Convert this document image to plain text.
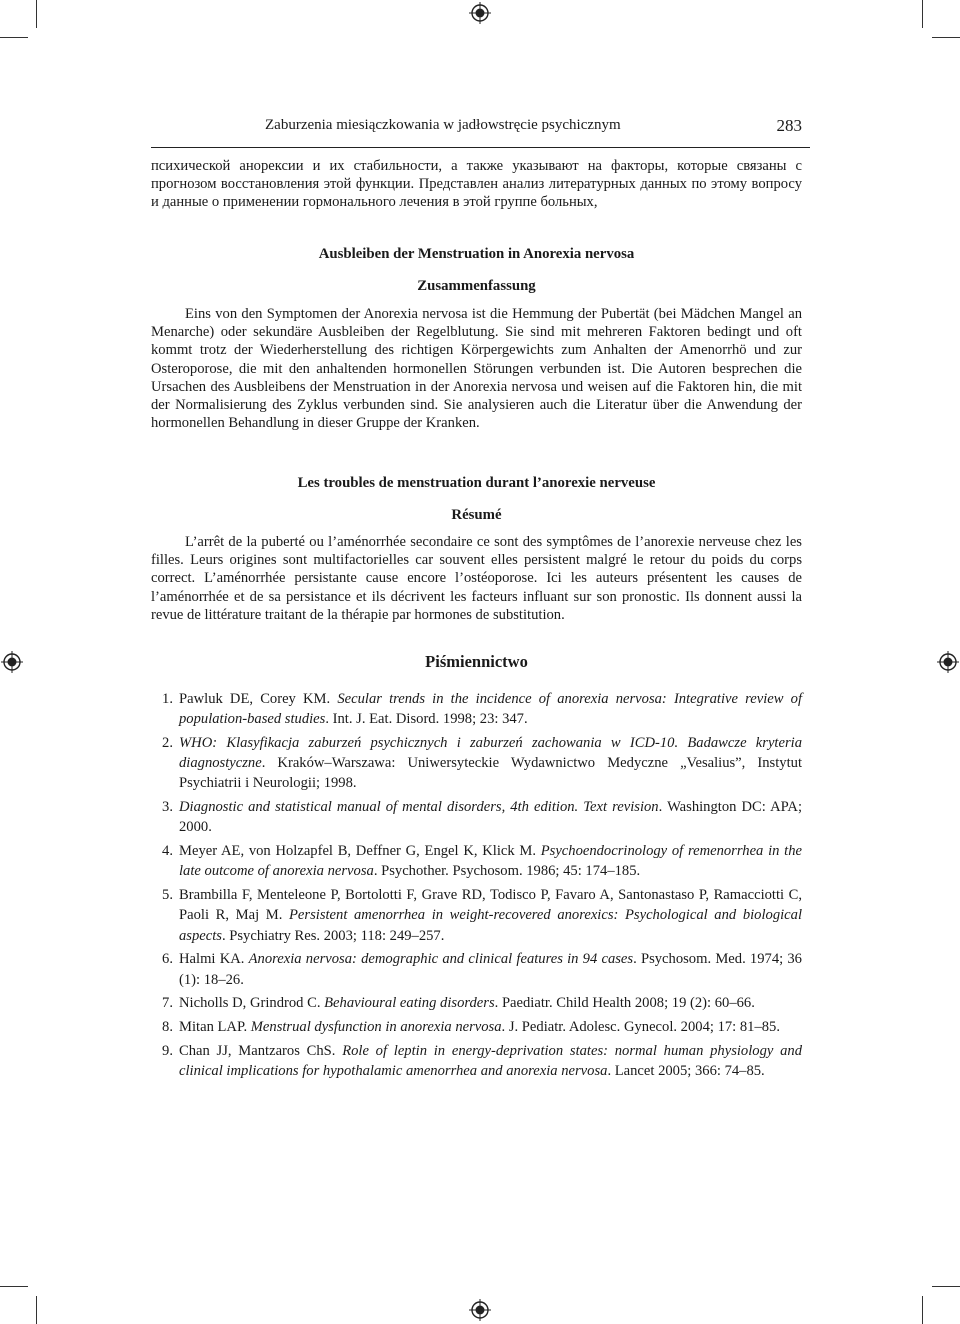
Zaburzenia miesiączkowania w jadłowstręcie psychicznym	283

психической анорексии и их стабильности, а также указывают на факторы, которые связаны с прогнозом восстановления этой функции. Представлен анализ литературных данных по этому вопросу и данные о применении гормонального лечения в этой группе больных,

Ausbleiben der Menstruation in Anorexia nervosa
Zusammenfassung

Eins von den Symptomen der Anorexia nervosa ist die Hemmung der Pubertät (bei Mädchen Mangel an Menarche) oder sekundäre Ausbleiben der Regelblutung. Sie sind mit mehreren Faktoren bedingt und oft kommt trotz der Wiederherstellung des richtigen Körpergewichts zum Anhalten der Amenorrhö und zur Osteroporose, die mit den anhaltenden hormonellen Störungen verbunden ist. Die Autoren besprechen die Ursachen des Ausbleibens der Menstruation in der Anorexia nervosa und weisen auf die Faktoren hin, die mit der Normalisierung des Zyklus verbunden sind. Sie analysieren auch die Literatur über die Anwendung der hormonellen Behandlung in dieser Gruppe der Kranken.

Les troubles de menstruation durant l’anorexie nerveuse
Résumé

L’arrêt de la puberté ou l’aménorrhée secondaire ce sont des symptômes de l’anorexie nerveuse chez les filles. Leurs origines sont multifactorielles car souvent elles persistent malgré le retour du poids du corps correct. L’aménorrhée persistante cause encore l’ostéoporose. Ici les auteurs présentent les causes de l’aménorrhée et de sa persistance et ils décrivent les facteurs influant sur son pronostic. Ils donnent aussi la revue de littérature traitant de la thérapie par hormones de substitution.

Piśmiennictwo
1. Pawluk DE, Corey KM. Secular trends in the incidence of anorexia nervosa: Integrative review of population-based studies. Int. J. Eat. Disord. 1998; 23: 347.
2. WHO: Klasyfikacja zaburzeń psychicznych i zaburzeń zachowania w ICD-10. Badawcze kryteria diagnostyczne. Kraków–Warszawa: Uniwersyteckie Wydawnictwo Medyczne „Vesalius”, Instytut Psychiatrii i Neurologii; 1998.
3. Diagnostic and statistical manual of mental disorders, 4th edition. Text revision. Washington DC: APA; 2000.
4. Meyer AE, von Holzapfel B, Deffner G, Engel K, Klick M. Psychoendocrinology of remenorrhea in the late outcome of anorexia nervosa. Psychother. Psychosom. 1986; 45: 174–185.
5. Brambilla F, Menteleone P, Bortolotti F, Grave RD, Todisco P, Favaro A, Santonastaso P, Ramacciotti C, Paoli R, Maj M. Persistent amenorrhea in weight-recovered anorexics: Psychological and biological aspects. Psychiatry Res. 2003; 118: 249–257.
6. Halmi KA. Anorexia nervosa: demographic and clinical features in 94 cases. Psychosom. Med. 1974; 36 (1): 18–26.
7. Nicholls D, Grindrod C. Behavioural eating disorders. Paediatr. Child Health 2008; 19 (2): 60–66.
8. Mitan LAP. Menstrual dysfunction in anorexia nervosa. J. Pediatr. Adolesc. Gynecol. 2004; 17: 81–85.
9. Chan JJ, Mantzaros ChS. Role of leptin in energy-deprivation states: normal human physiology and clinical implications for hypothalamic amenorrhea and anorexia nervosa. Lancet 2005; 366: 74–85.
